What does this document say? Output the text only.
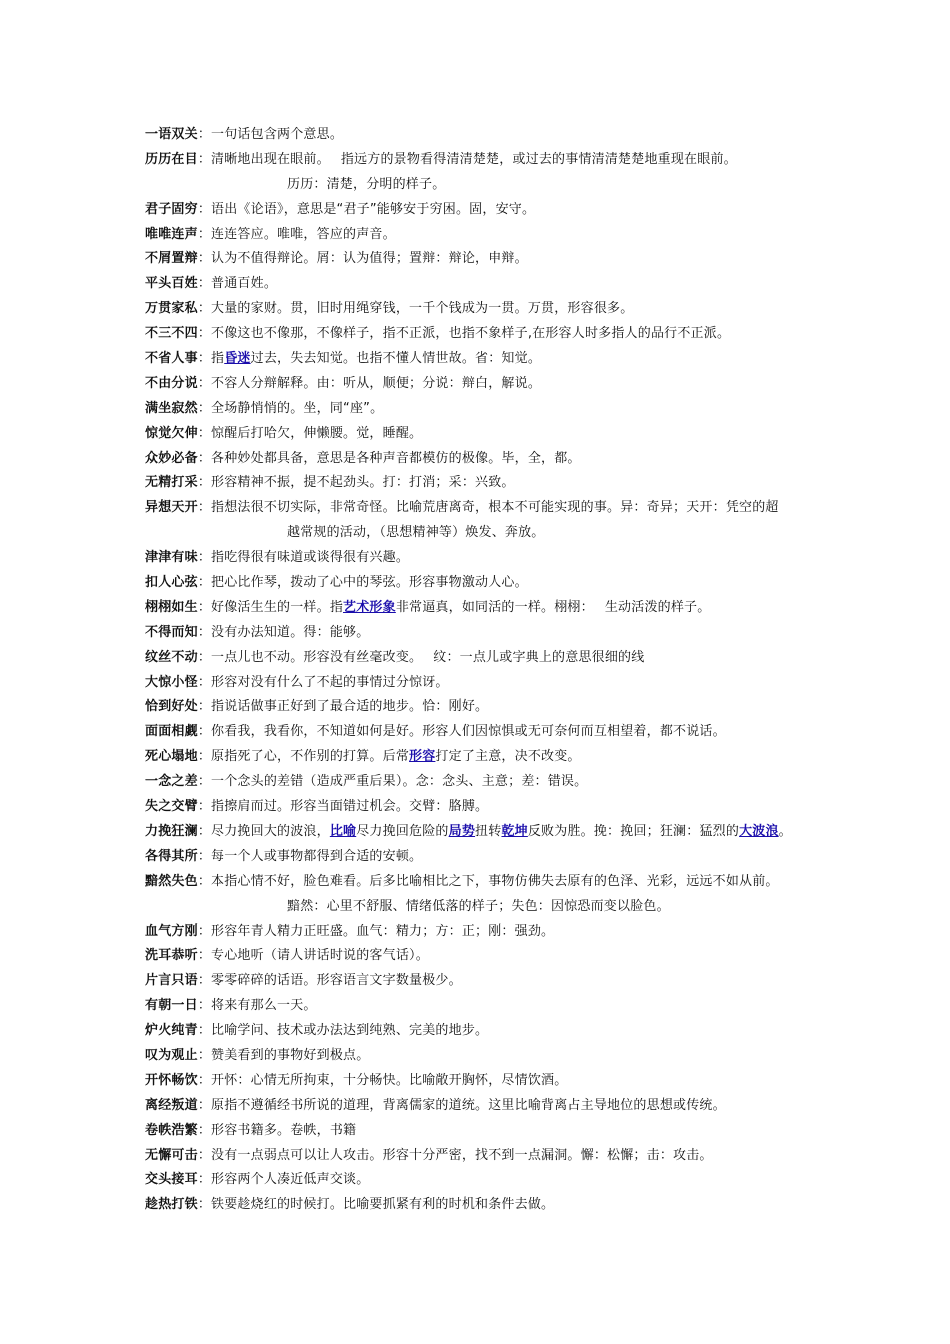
一语双关：一句话包含两个意思。
历历在目：清晰地出现在眼前。　 指远方的景物看得清清楚楚，或过去的事情清清楚楚地重现在眼前。
历历：清楚，分明的样子。
君子固穷：语出《论语》，意思是“君子”能够安于穷困。固，安守。
唯唯连声：连连答应。唯唯，答应的声音。
不屑置辩：认为不值得辩论。屑：认为值得；置辩：辩论，申辩。
平头百姓：普通百姓。
万贯家私：大量的家财。贯，旧时用绳穿钱，一千个钱成为一贯。万贯，形容很多。
不三不四：不像这也不像那，不像样子，指不正派，也指不象样子,在形容人时多指人的品行不正派。
不省人事：指昏迷过去，失去知觉。也指不懂人情世故。省：知觉。
不由分说：不容人分辩解释。由：听从，顺便；分说：辩白，解说。
满坐寂然：全场静悄悄的。坐，同“座”。
惊觉欠伸：惊醒后打哈欠，伸懒腰。觉，睡醒。
众妙必备：各种妙处都具备，意思是各种声音都模仿的极像。毕，全，都。
无精打采：形容精神不振，提不起劲头。打：打消；采：兴致。
异想天开：指想法很不切实际，非常奇怪。比喻荒唐离奇，根本不可能实现的事。异：奇异；天开：凭空的超
越常规的活动，（思想精神等）焕发、奔放。
津津有味：指吃得很有味道或谈得很有兴趣。
扣人心弦：把心比作琴，拨动了心中的琴弦。形容事物激动人心。
栩栩如生：好像活生生的一样。指艺术形象非常逼真，如同活的一样。栩栩：　 生动活泼的样子。
不得而知：没有办法知道。得：能够。
纹丝不动：一点儿也不动。形容没有丝毫改变。　 纹：一点儿或字典上的意思很细的线
大惊小怪：形容对没有什么了不起的事情过分惊讶。
恰到好处：指说话做事正好到了最合适的地步。恰：刚好。
面面相觑：你看我，我看你，不知道如何是好。形容人们因惊惧或无可奈何而互相望着，都不说话。
死心塌地：原指死了心，不作别的打算。后常形容打定了主意，决不改变。
一念之差：一个念头的差错（造成严重后果）。念：念头、主意；差：错误。
失之交臂：指擦肩而过。形容当面错过机会。交臂：胳膊。
力挽狂澜：尽力挽回大的波浪，比喻尽力挽回危险的局势扭转乾坤反败为胜。挽：挽回；狂澜：猛烈的大波浪。
各得其所：每一个人或事物都得到合适的安顿。
黯然失色：本指心情不好，脸色难看。后多比喻相比之下，事物仿佛失去原有的色泽、光彩，远远不如从前。
黯然：心里不舒服、情绪低落的样子；失色：因惊恐而变以脸色。
血气方刚：形容年青人精力正旺盛。血气：精力；方：正；刚：强劲。
洗耳恭听：专心地听（请人讲话时说的客气话）。
片言只语：零零碎碎的话语。形容语言文字数量极少。
有朝一日：将来有那么一天。
炉火纯青：比喻学问、技术或办法达到纯熟、完美的地步。
叹为观止：赞美看到的事物好到极点。
开怀畅饮：开怀：心情无所拘束，十分畅快。比喻敞开胸怀，尽情饮酒。
离经叛道：原指不遵循经书所说的道理，背离儒家的道统。这里比喻背离占主导地位的思想或传统。
卷帙浩繁：形容书籍多。卷帙，书籍
无懈可击：没有一点弱点可以让人攻击。形容十分严密，找不到一点漏洞。懈：松懈；击：攻击。
交头接耳：形容两个人凑近低声交谈。
趁热打铁：铁要趁烧红的时候打。比喻要抓紧有利的时机和条件去做。
